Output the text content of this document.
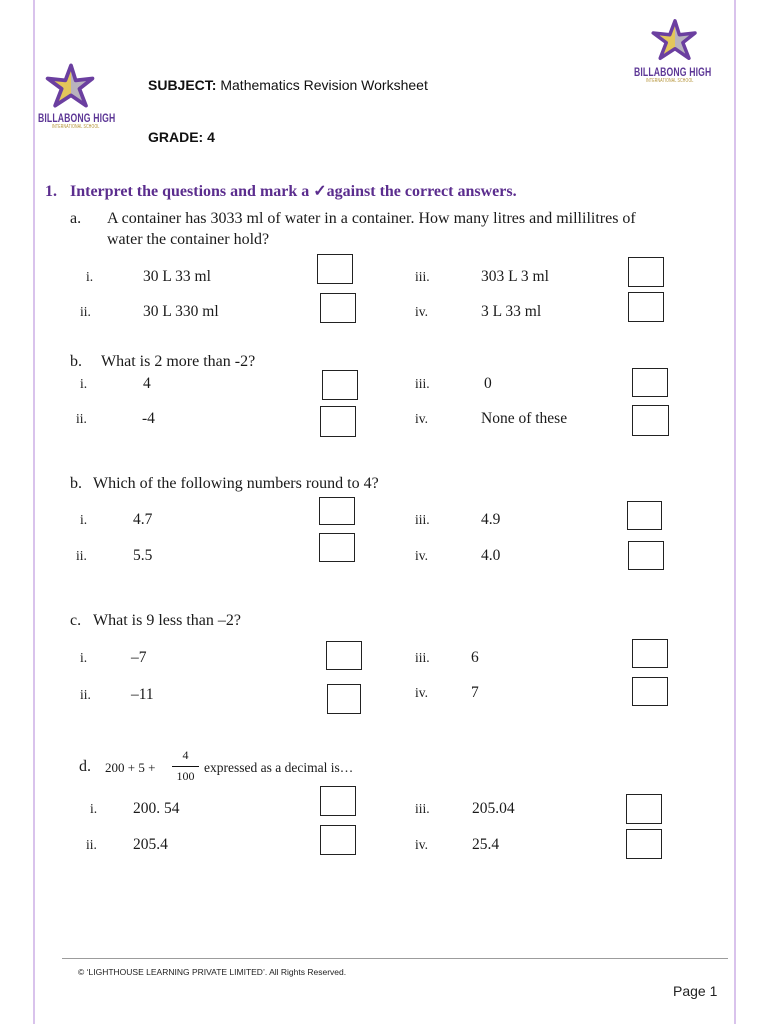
BILLABONG HIGH
INTERNATIONAL SCHOOL
BILLABONG HIGH
INTERNATIONAL SCHOOL
SUBJECT: Mathematics Revision Worksheet
GRADE: 4
1. Interpret the questions and mark a ✓against the correct answers.
a. A container has 3033 ml of water in a container. How many litres and millilitres of
water the container hold?
i.	30 L 33 ml	iii.	303 L 3 ml
ii.	30 L 330 ml	iv.	3 L 33 ml
b. What is 2 more than -2?
i.	4	iii.	0
ii.	-4	iv.	None of these
b. Which of the following numbers round to 4?
i.	4.7	iii.	4.9
ii.	5.5	iv.	4.0
c. What is 9 less than –2?
i.	–7	iii.	6
ii.	–11	iv.	7
d. 200 + 5 +
4
100
expressed as a decimal is…
i. 200. 54	iii.	205.04
ii. 205.4	iv.	25.4
© ‘LIGHTHOUSE LEARNING PRIVATE LIMITED’. All Rights Reserved.
Page 1
